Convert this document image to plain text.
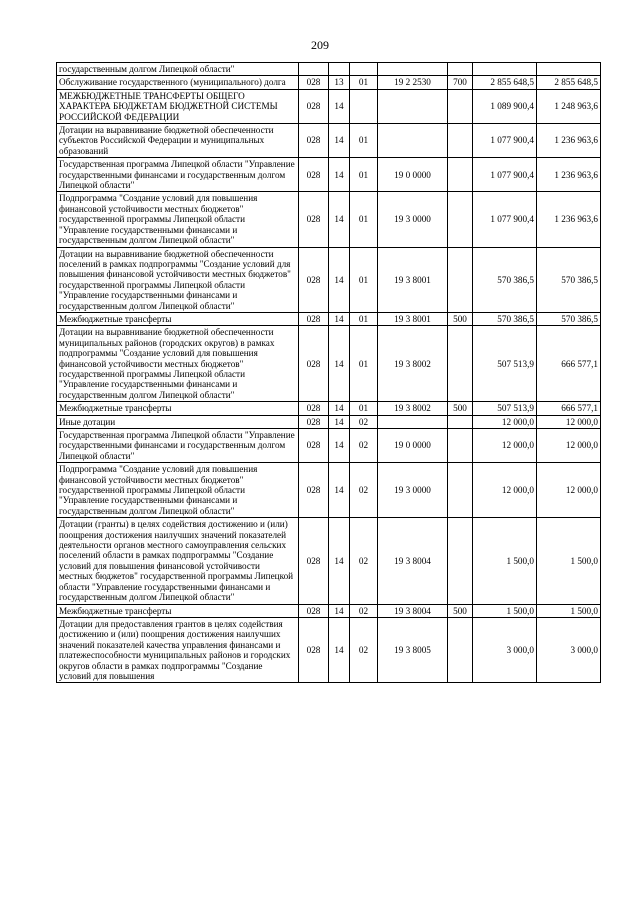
209
государственным долгом Липецкой области"							
Обслуживание государственного (муниципального) долга	028	13	01	19 2 2530	700	2 855 648,5	2 855 648,5
МЕЖБЮДЖЕТНЫЕ ТРАНСФЕРТЫ ОБЩЕГО ХАРАКТЕРА БЮДЖЕТАМ БЮДЖЕТНОЙ СИСТЕМЫ РОССИЙСКОЙ ФЕДЕРАЦИИ	028	14				1 089 900,4	1 248 963,6
Дотации на выравнивание бюджетной обеспеченности субъектов Российской Федерации и муниципальных образований	028	14	01			1 077 900,4	1 236 963,6
Государственная программа Липецкой области "Управление государственными финансами и государственным долгом Липецкой области"	028	14	01	19 0 0000		1 077 900,4	1 236 963,6
Подпрограмма "Создание условий для повышения финансовой устойчивости местных бюджетов" государственной программы Липецкой области "Управление государственными финансами и государственным долгом Липецкой области"	028	14	01	19 3 0000		1 077 900,4	1 236 963,6
Дотации на выравнивание бюджетной обеспеченности поселений в рамках подпрограммы "Создание условий для повышения финансовой устойчивости местных бюджетов" государственной программы Липецкой области "Управление государственными финансами и государственным долгом Липецкой области"	028	14	01	19 3 8001		570 386,5	570 386,5
Межбюджетные трансферты	028	14	01	19 3 8001	500	570 386,5	570 386,5
Дотации на выравнивание бюджетной обеспеченности муниципальных районов (городских округов) в рамках подпрограммы "Создание условий для повышения финансовой устойчивости местных бюджетов" государственной программы Липецкой области "Управление государственными финансами и государственным долгом Липецкой области"	028	14	01	19 3 8002		507 513,9	666 577,1
Межбюджетные трансферты	028	14	01	19 3 8002	500	507 513,9	666 577,1
Иные дотации	028	14	02			12 000,0	12 000,0
Государственная программа Липецкой области "Управление государственными финансами и государственным долгом Липецкой области"	028	14	02	19 0 0000		12 000,0	12 000,0
Подпрограмма "Создание условий для повышения финансовой устойчивости местных бюджетов" государственной программы Липецкой области "Управление государственными финансами и государственным долгом Липецкой области"	028	14	02	19 3 0000		12 000,0	12 000,0
Дотации (гранты) в целях содействия достижению и (или) поощрения достижения наилучших значений показателей деятельности органов местного самоуправления сельских поселений области в рамках подпрограммы "Создание условий для повышения финансовой устойчивости местных бюджетов" государственной программы Липецкой области "Управление государственными финансами и государственным долгом Липецкой области"	028	14	02	19 3 8004		1 500,0	1 500,0
Межбюджетные трансферты	028	14	02	19 3 8004	500	1 500,0	1 500,0
Дотации для предоставления грантов в целях содействия достижению и (или) поощрения достижения наилучших значений показателей качества управления финансами и платежеспособности муниципальных районов и городских округов области в рамках подпрограммы "Создание условий для повышения	028	14	02	19 3 8005		3 000,0	3 000,0
